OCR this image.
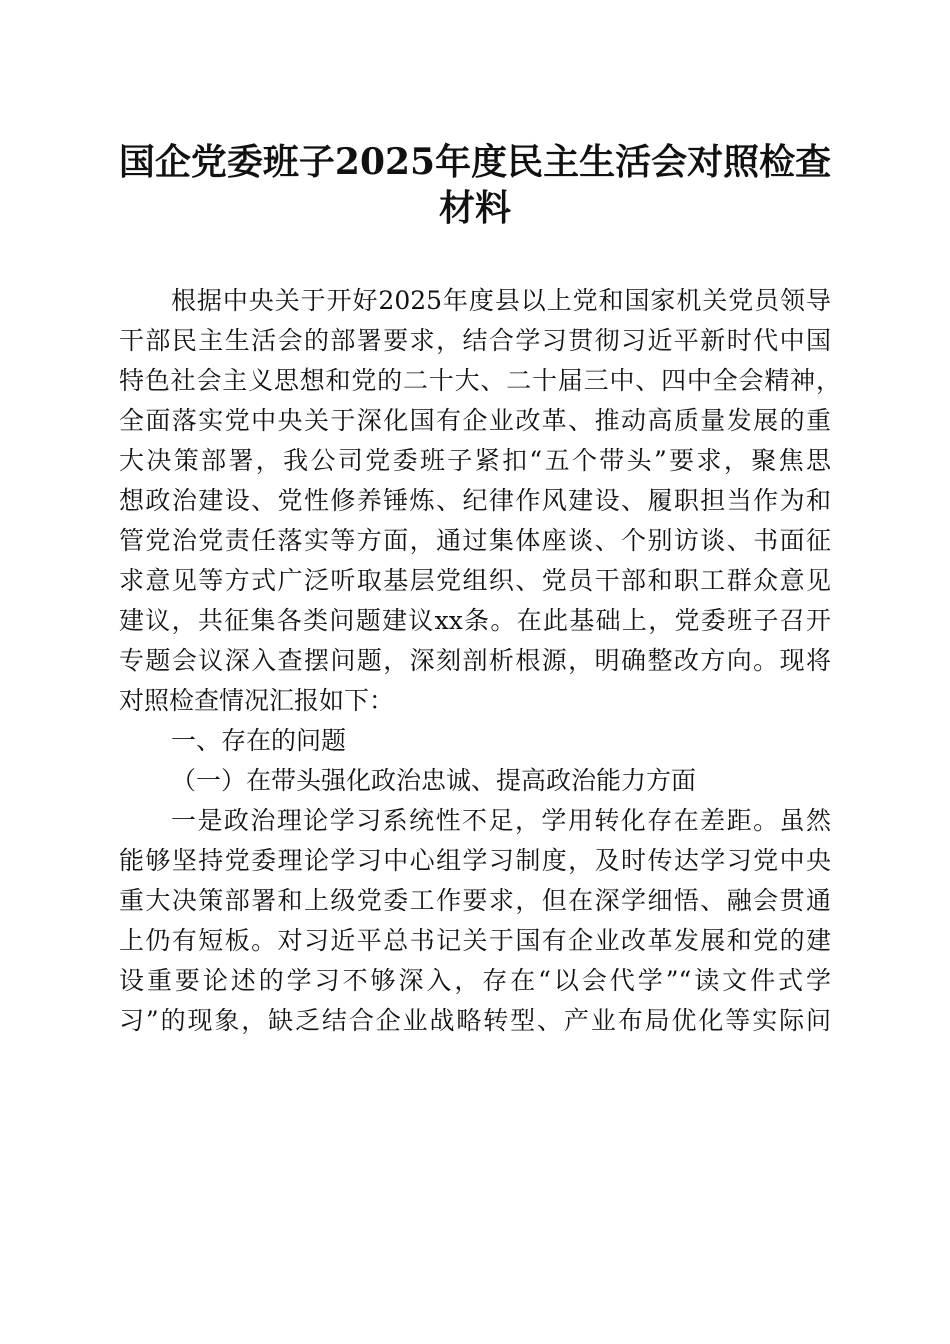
国企党委班子2025年度民主生活会对照检查
材料
根据中央关于开好2025年度县以上党和国家机关党员领导
干部民主生活会的部署要求，结合学习贯彻习近平新时代中国
特色社会主义思想和党的二十大、二十届三中、四中全会精神，
全面落实党中央关于深化国有企业改革、推动高质量发展的重
大决策部署，我公司党委班子紧扣“五个带头”要求，聚焦思
想政治建设、党性修养锤炼、纪律作风建设、履职担当作为和
管党治党责任落实等方面，通过集体座谈、个别访谈、书面征
求意见等方式广泛听取基层党组织、党员干部和职工群众意见
建议，共征集各类问题建议xx条。在此基础上，党委班子召开
专题会议深入查摆问题，深刻剖析根源，明确整改方向。现将
对照检查情况汇报如下：
一、存在的问题
（一）在带头强化政治忠诚、提高政治能力方面
一是政治理论学习系统性不足，学用转化存在差距。虽然
能够坚持党委理论学习中心组学习制度，及时传达学习党中央
重大决策部署和上级党委工作要求，但在深学细悟、融会贯通
上仍有短板。对习近平总书记关于国有企业改革发展和党的建
设重要论述的学习不够深入，存在“以会代学”“读文件式学
习”的现象，缺乏结合企业战略转型、产业布局优化等实际问
